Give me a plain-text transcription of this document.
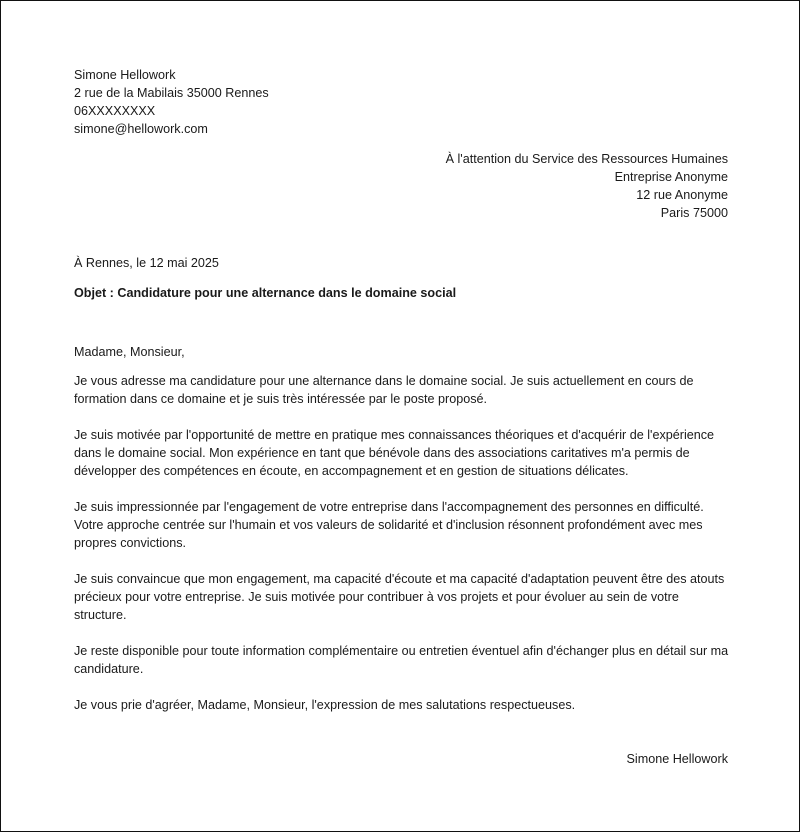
Simone Hellowork
2 rue de la Mabilais 35000 Rennes
06XXXXXXXX
simone@hellowork.com
À l'attention du Service des Ressources Humaines
Entreprise Anonyme
12 rue Anonyme
Paris 75000
À Rennes, le 12 mai 2025
Objet : Candidature pour une alternance dans le domaine social
Madame, Monsieur,

Je vous adresse ma candidature pour une alternance dans le domaine social. Je suis actuellement en cours de formation dans ce domaine et je suis très intéressée par le poste proposé.

Je suis motivée par l'opportunité de mettre en pratique mes connaissances théoriques et d'acquérir de l'expérience dans le domaine social. Mon expérience en tant que bénévole dans des associations caritatives m'a permis de développer des compétences en écoute, en accompagnement et en gestion de situations délicates.

Je suis impressionnée par l'engagement de votre entreprise dans l'accompagnement des personnes en difficulté. Votre approche centrée sur l'humain et vos valeurs de solidarité et d'inclusion résonnent profondément avec mes propres convictions.

Je suis convaincue que mon engagement, ma capacité d'écoute et ma capacité d'adaptation peuvent être des atouts précieux pour votre entreprise. Je suis motivée pour contribuer à vos projets et pour évoluer au sein de votre structure.

Je reste disponible pour toute information complémentaire ou entretien éventuel afin d'échanger plus en détail sur ma candidature.

Je vous prie d'agréer, Madame, Monsieur, l'expression de mes salutations respectueuses.

Simone Hellowork
